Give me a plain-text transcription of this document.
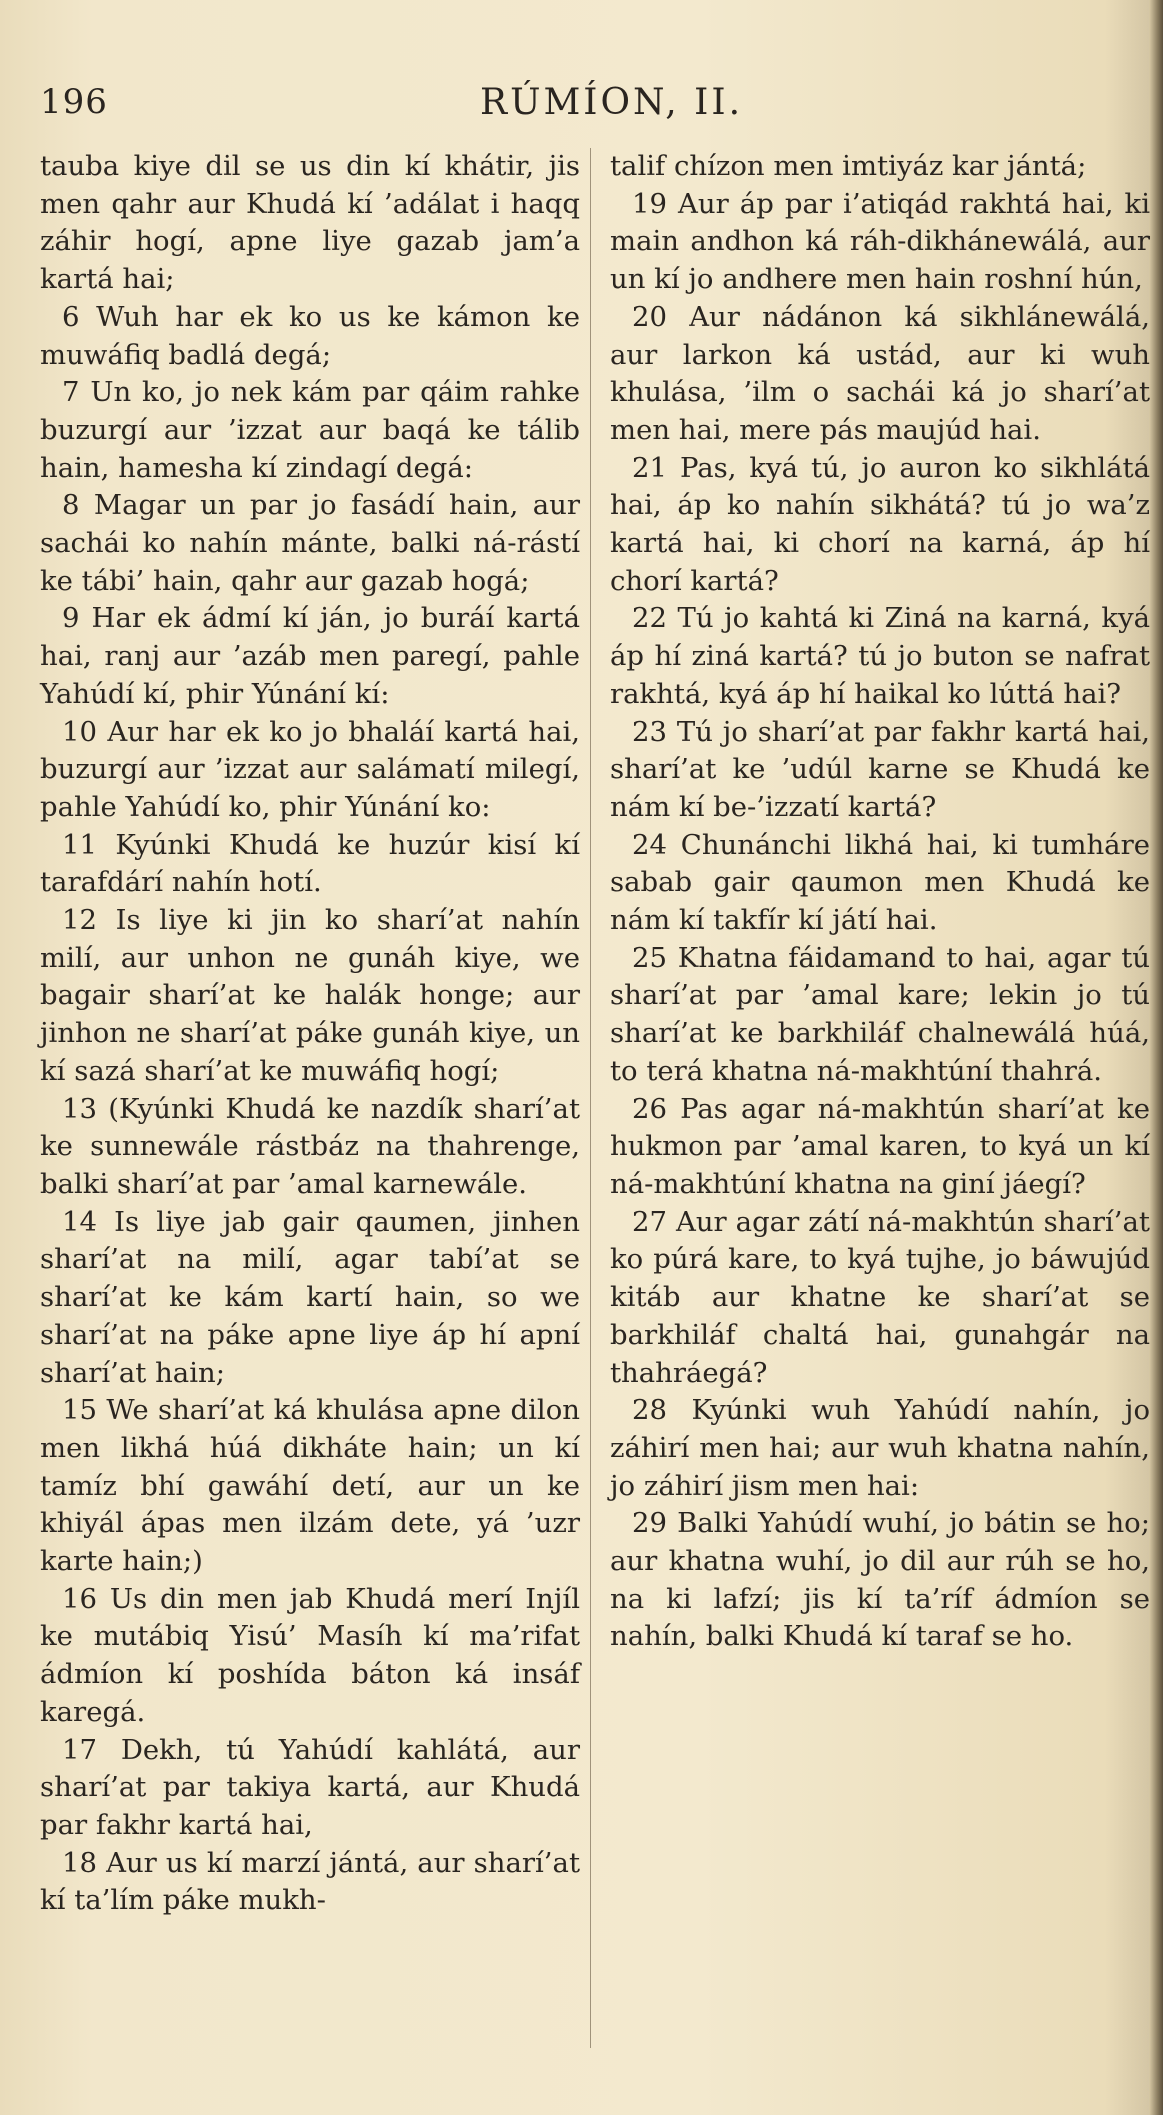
196	RÚMÍON, II.

tauba kiye dil se us din kí khátir, jis men qahr aur Khudá kí ’adálat i haqq záhir hogí, apne liye gazab jam’a kartá hai;

6 Wuh har ek ko us ke kámon ke muwáfiq badlá degá;

7 Un ko, jo nek kám par qáim rahke buzurgí aur ’izzat aur baqá ke tálib hain, hamesha kí zindagí degá:

8 Magar un par jo fasádí hain, aur sachái ko nahín mánte, balki ná-rástí ke tábi’ hain, qahr aur gazab hogá;

9 Har ek ádmí kí ján, jo buráí kartá hai, ranj aur ’azáb men paregí, pahle Yahúdí kí, phir Yúnání kí:

10 Aur har ek ko jo bhaláí kartá hai, buzurgí aur ’izzat aur salámatí milegí, pahle Yahúdí ko, phir Yúnání ko:

11 Kyúnki Khudá ke huzúr kisí kí tarafdárí nahín hotí.

12 Is liye ki jin ko sharí’at nahín milí, aur unhon ne gunáh kiye, we bagair sharí’at ke halák honge; aur jinhon ne sharí’at páke gunáh kiye, un kí sazá sharí’at ke muwáfiq hogí;

13 (Kyúnki Khudá ke nazdík sharí’at ke sunnewále rástbáz na thahrenge, balki sharí’at par ’amal karnewále.

14 Is liye jab gair qaumen, jinhen sharí’at na milí, agar tabí’at se sharí’at ke kám kartí hain, so we sharí’at na páke apne liye áp hí apní sharí’at hain;

15 We sharí’at ká khulása apne dilon men likhá húá dikháte hain; un kí tamíz bhí gawáhí detí, aur un ke khiyál ápas men ilzám dete, yá ’uzr karte hain;)

16 Us din men jab Khudá merí Injíl ke mutábiq Yisú’ Masíh kí ma’rifat ádmíon kí poshída báton ká insáf karegá.

17 Dekh, tú Yahúdí kahlátá, aur sharí’at par takiya kartá, aur Khudá par fakhr kartá hai,

18 Aur us kí marzí jántá, aur sharí’at kí ta’lím páke mukh-

talif chízon men imtiyáz kar jántá;

19 Aur áp par i’atiqád rakhtá hai, ki main andhon ká ráh-dikhánewálá, aur un kí jo andhere men hain roshní hún,

20 Aur nádánon ká sikhlánewálá, aur larkon ká ustád, aur ki wuh khulása, ’ilm o sachái ká jo sharí’at men hai, mere pás maujúd hai.

21 Pas, kyá tú, jo auron ko sikhlátá hai, áp ko nahín sikhátá? tú jo wa’z kartá hai, ki chorí na karná, áp hí chorí kartá?

22 Tú jo kahtá ki Ziná na karná, kyá áp hí ziná kartá? tú jo buton se nafrat rakhtá, kyá áp hí haikal ko lúttá hai?

23 Tú jo sharí’at par fakhr kartá hai, sharí’at ke ’udúl karne se Khudá ke nám kí be-’izzatí kartá?

24 Chunánchi likhá hai, ki tumháre sabab gair qaumon men Khudá ke nám kí takfír kí játí hai.

25 Khatna fáidamand to hai, agar tú sharí’at par ’amal kare; lekin jo tú sharí’at ke barkhiláf chalnewálá húá, to terá khatna ná-makhtúní thahrá.

26 Pas agar ná-makhtún sharí’at ke hukmon par ’amal karen, to kyá un kí ná-makhtúní khatna na giní jáegí?

27 Aur agar zátí ná-makhtún sharí’at ko púrá kare, to kyá tujhe, jo báwujúd kitáb aur khatne ke sharí’at se barkhiláf chaltá hai, gunahgár na thahráegá?

28 Kyúnki wuh Yahúdí nahín, jo záhirí men hai; aur wuh khatna nahín, jo záhirí jism men hai:

29 Balki Yahúdí wuhí, jo bátin se ho; aur khatna wuhí, jo dil aur rúh se ho, na ki lafzí; jis kí ta’ríf ádmíon se nahín, balki Khudá kí taraf se ho.
